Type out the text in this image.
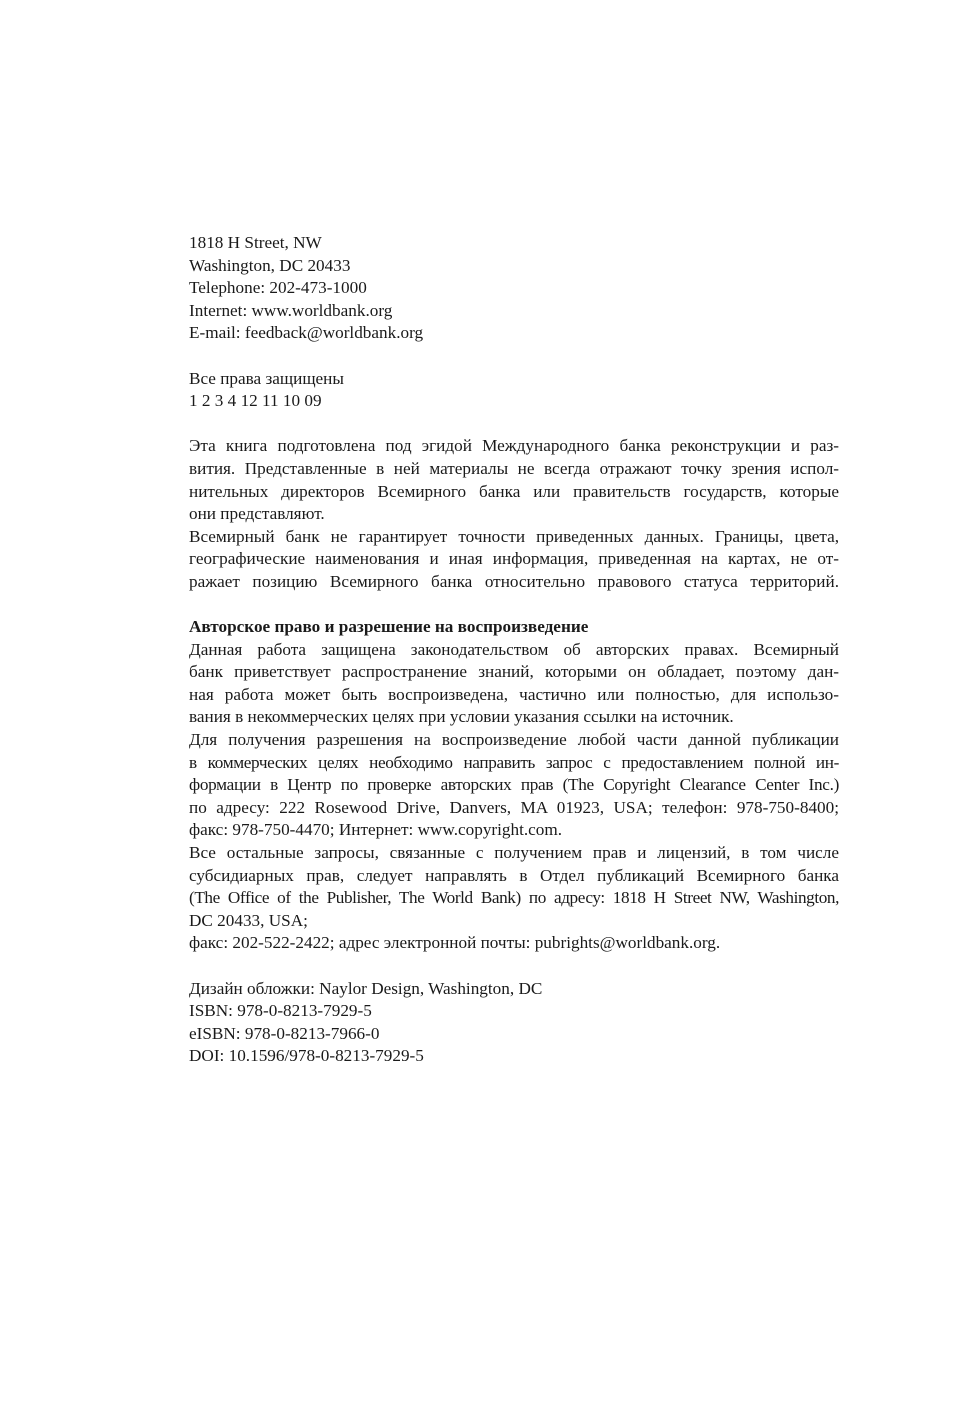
1818 H Street, NW
Washington, DC 20433
Telephone: 202-473-1000
Internet: www.worldbank.org
E-mail: feedback@worldbank.org
Все права защищены
1 2 3 4 12 11 10 09
Эта книга подготовлена под эгидой Международного банка реконструкции и раз-
вития. Представленные в ней материалы не всегда отражают точку зрения испол-
нительных директоров Всемирного банка или правительств государств, которые
они представляют.
Всемирный банк не гарантирует точности приведенных данных. Границы, цвета,
географические наименования и иная информация, приведенная на картах, не от-
ражает позицию Всемирного банка относительно правового статуса территорий.
Авторское право и разрешение на воспроизведение
Данная работа защищена законодательством об авторских правах. Всемирный
банк приветствует распространение знаний, которыми он обладает, поэтому дан-
ная работа может быть воспроизведена, частично или полностью, для использо-
вания в некоммерческих целях при условии указания ссылки на источник.
Для получения разрешения на воспроизведение любой части данной публикации
в коммерческих целях необходимо направить запрос с предоставлением полной ин-
формации в Центр по проверке авторских прав (The Copyright Clearance Center Inc.)
по адресу: 222 Rosewood Drive, Danvers, MA 01923, USA; телефон: 978-750-8400;
факс: 978-750-4470; Интернет: www.copyright.com.
Все остальные запросы, связанные с получением прав и лицензий, в том числе
субсидиарных прав, следует направлять в Отдел публикаций Всемирного банка
(The Office of the Publisher, The World Bank) по адресу: 1818 H Street NW, Washington,
DC 20433, USA;
факс: 202-522-2422; адрес электронной почты: pubrights@worldbank.org.
Дизайн обложки: Naylor Design, Washington, DC
ISBN: 978-0-8213-7929-5
eISBN: 978-0-8213-7966-0
DOI: 10.1596/978-0-8213-7929-5
